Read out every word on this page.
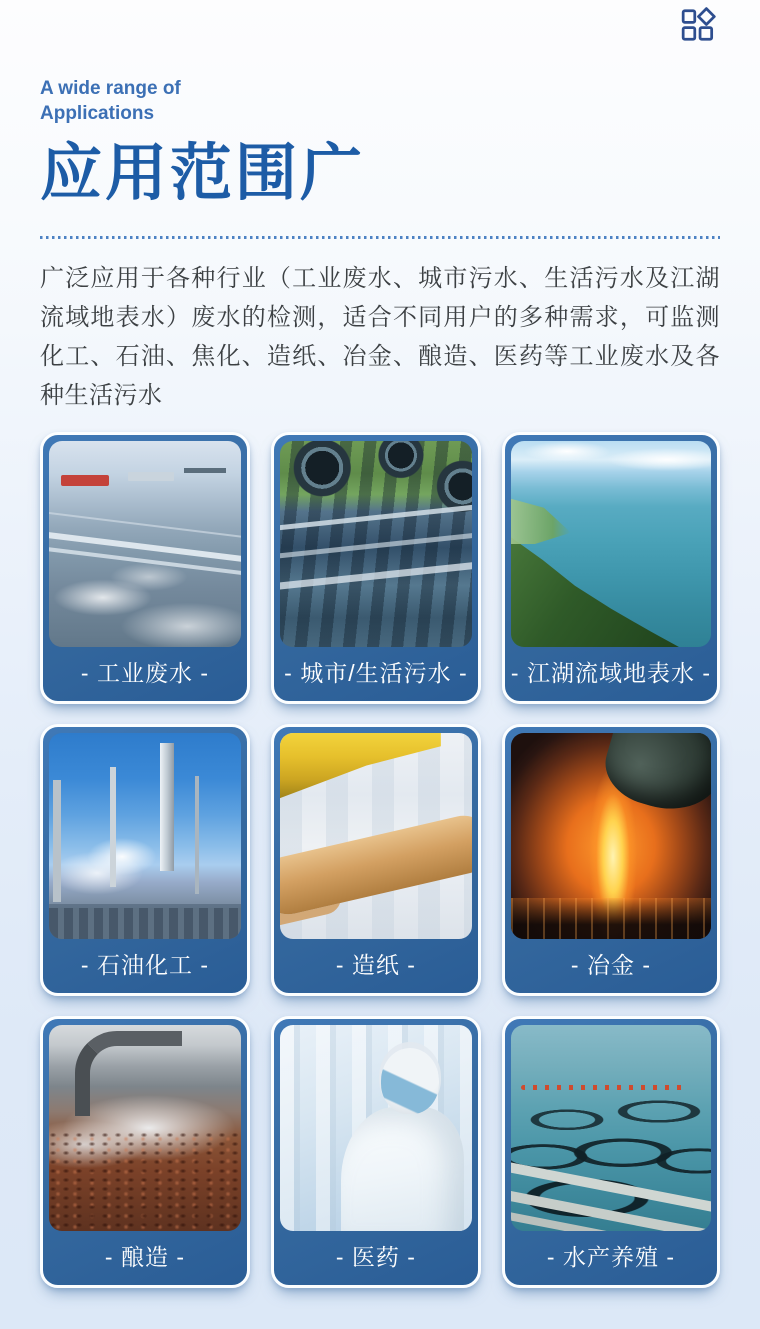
A wide range of
Applications
应用范围广

广泛应用于各种行业（工业废水、城市污水、生活污水及江湖流域地表水）废水的检测，适合不同用户的多种需求，可监测化工、石油、焦化、造纸、冶金、酿造、医药等工业废水及各种生活污水

- 工业废水 -	- 城市/生活污水 - - 江湖流域地表水 -
- 石油化工 -	- 造纸 -	- 冶金 -
- 酿造 -	- 医药 -	- 水产养殖 -
